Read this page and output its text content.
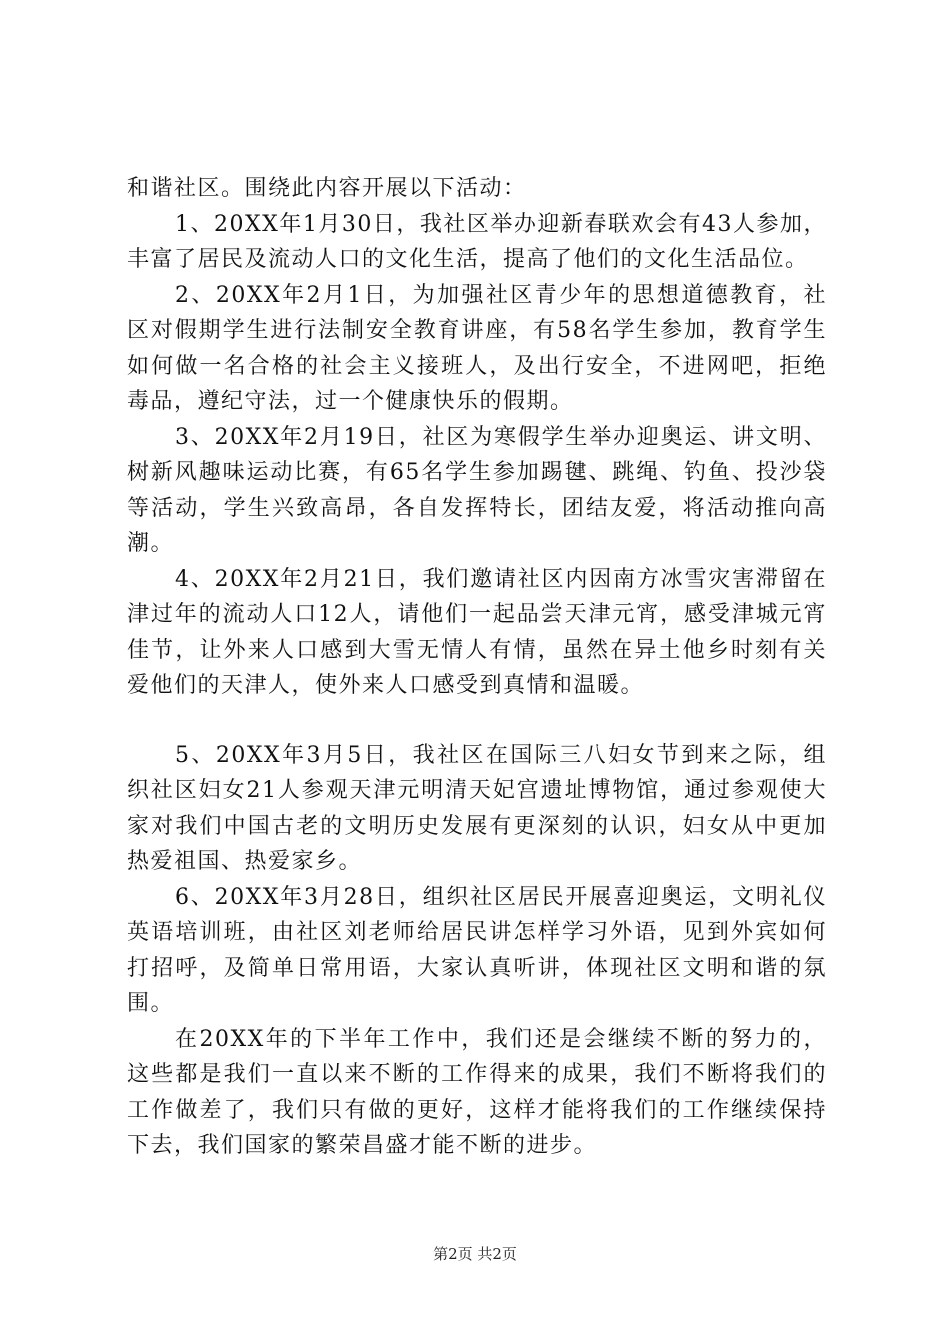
和谐社区。围绕此内容开展以下活动：

1、20XX年1月30日，我社区举办迎新春联欢会有43人参加，丰富了居民及流动人口的文化生活，提高了他们的文化生活品位。

2、20XX年2月1日，为加强社区青少年的思想道德教育，社区对假期学生进行法制安全教育讲座，有58名学生参加，教育学生如何做一名合格的社会主义接班人，及出行安全，不进网吧，拒绝毒品，遵纪守法，过一个健康快乐的假期。

3、20XX年2月19日，社区为寒假学生举办迎奥运、讲文明、树新风趣味运动比赛，有65名学生参加踢毽、跳绳、钓鱼、投沙袋等活动，学生兴致高昂，各自发挥特长，团结友爱，将活动推向高潮。

4、20XX年2月21日，我们邀请社区内因南方冰雪灾害滞留在津过年的流动人口12人，请他们一起品尝天津元宵，感受津城元宵佳节，让外来人口感到大雪无情人有情，虽然在异土他乡时刻有关爱他们的天津人，使外来人口感受到真情和温暖。

5、20XX年3月5日，我社区在国际三八妇女节到来之际，组织社区妇女21人参观天津元明清天妃宫遗址博物馆，通过参观使大家对我们中国古老的文明历史发展有更深刻的认识，妇女从中更加热爱祖国、热爱家乡。

6、20XX年3月28日，组织社区居民开展喜迎奥运，文明礼仪英语培训班，由社区刘老师给居民讲怎样学习外语，见到外宾如何打招呼，及简单日常用语，大家认真听讲，体现社区文明和谐的氛围。

在20XX年的下半年工作中，我们还是会继续不断的努力的，这些都是我们一直以来不断的工作得来的成果，我们不断将我们的工作做差了，我们只有做的更好，这样才能将我们的工作继续保持下去，我们国家的繁荣昌盛才能不断的进步。

第2页 共2页
